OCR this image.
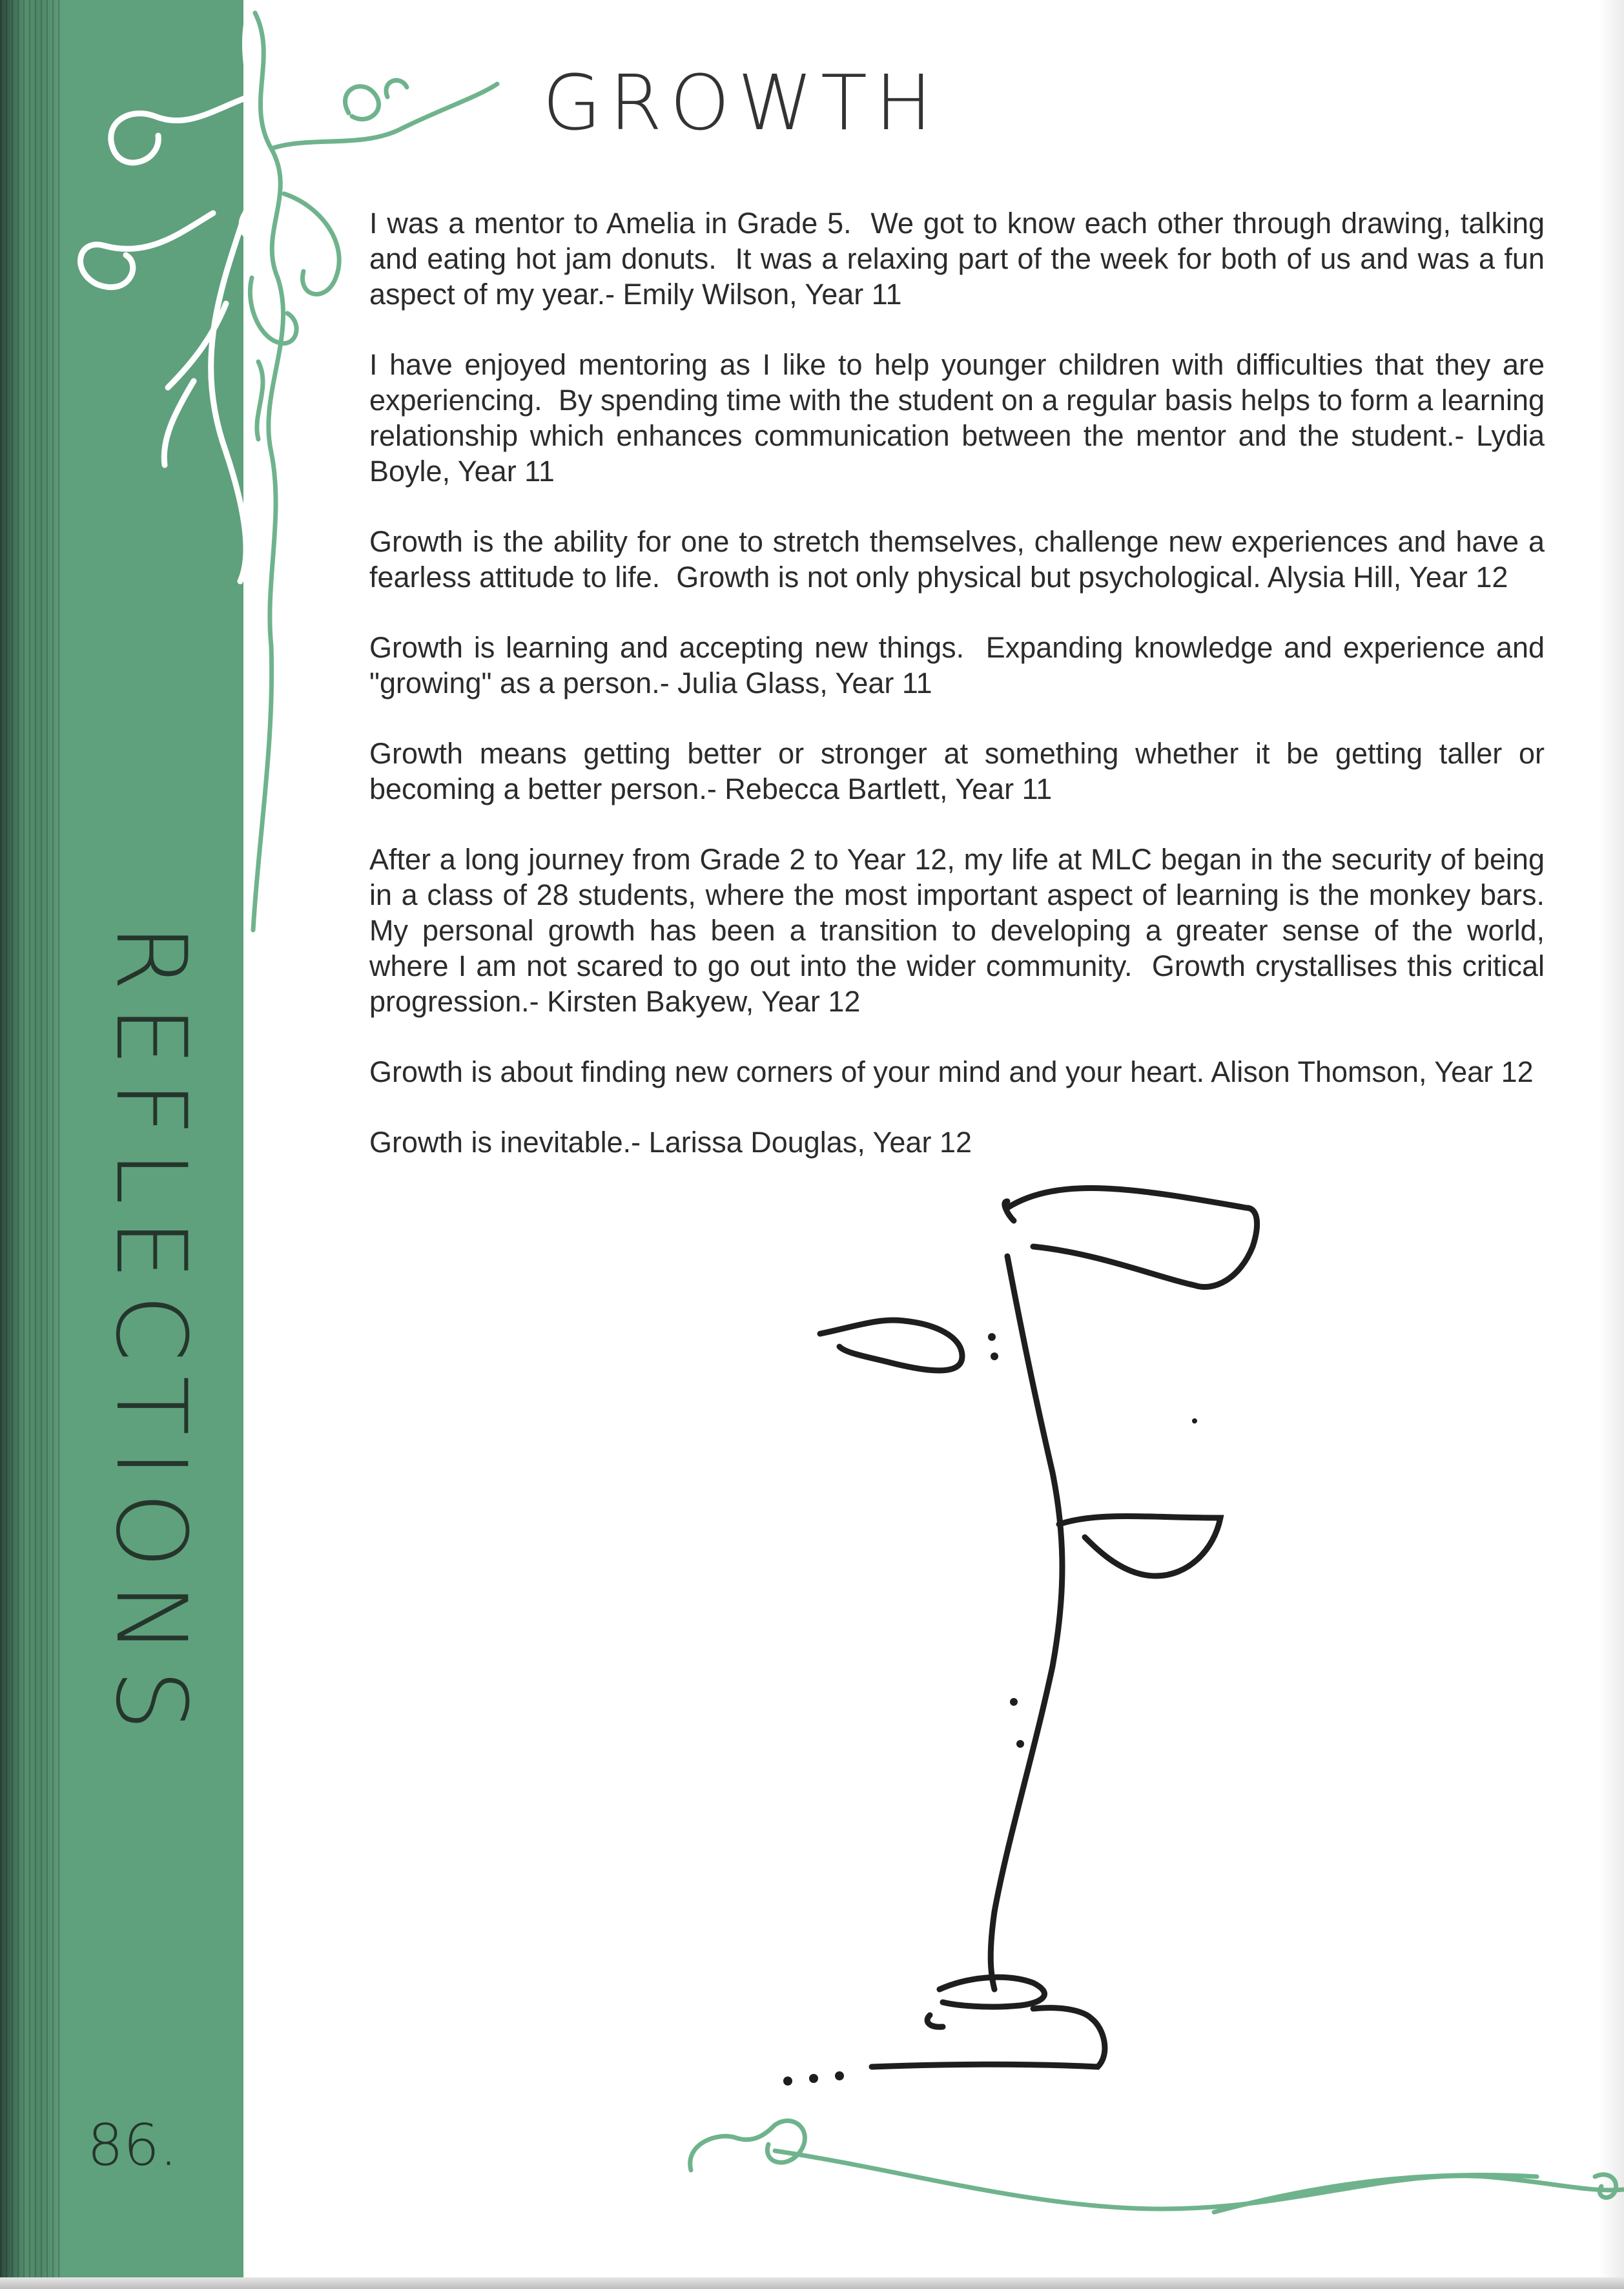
GROWTH
REFLECTIONS

I was a mentor to Amelia in Grade 5.  We got to know each other through drawing, talking and eating hot jam donuts.  It was a relaxing part of the week for both of us and was a fun aspect of my year.- Emily Wilson, Year 11

I have enjoyed mentoring as I like to help younger children with difficulties that they are experiencing.  By spending time with the student on a regular basis helps to form a learning relationship which enhances communication between the mentor and the student.- Lydia Boyle, Year 11

Growth is the ability for one to stretch themselves, challenge new experiences and have a fearless attitude to life.  Growth is not only physical but psychological. Alysia Hill, Year 12

Growth is learning and accepting new things.  Expanding knowledge and experience and "growing" as a person.- Julia Glass, Year 11

Growth means getting better or stronger at something whether it be getting taller or becoming a better person.- Rebecca Bartlett, Year 11

After a long journey from Grade 2 to Year 12, my life at MLC began in the security of being in a class of 28 students, where the most important aspect of learning is the monkey bars. My personal growth has been a transition to developing a greater sense of the world, where I am not scared to go out into the wider community.  Growth crystallises this critical progression.- Kirsten Bakyew, Year 12

Growth is about finding new corners of your mind and your heart. Alison Thomson, Year 12

Growth is inevitable.- Larissa Douglas, Year 12

86.
